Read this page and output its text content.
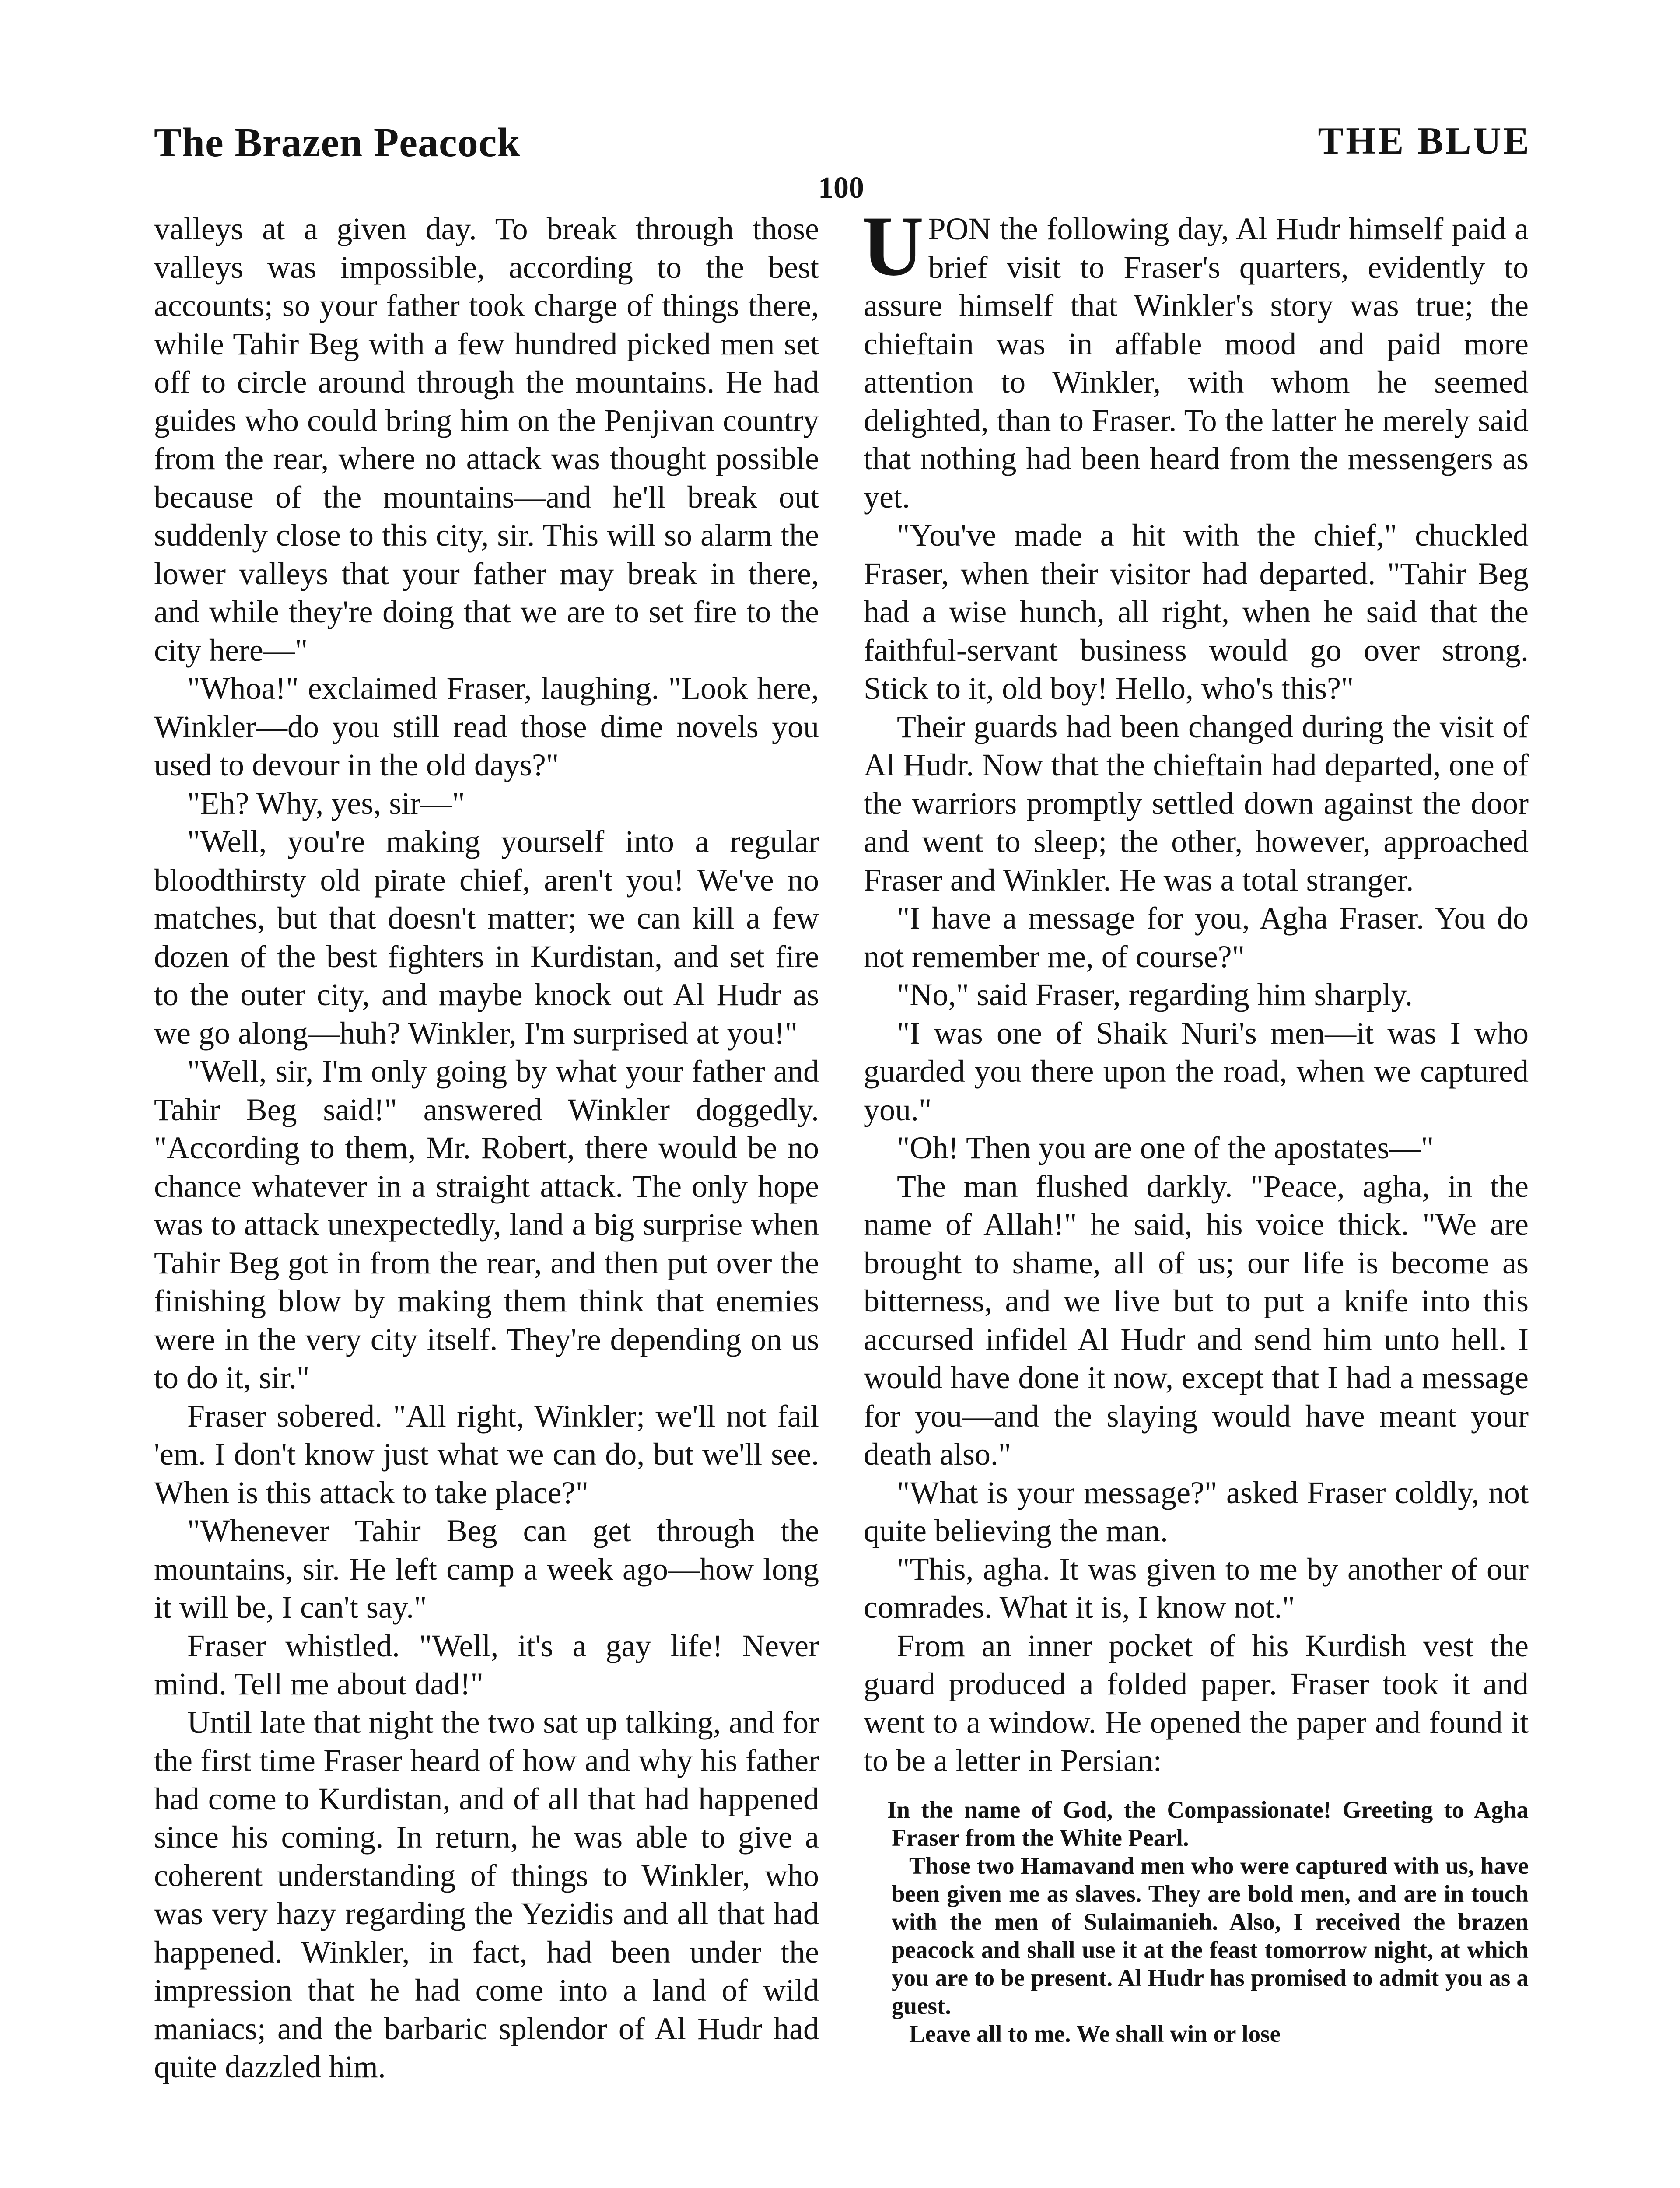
The Brazen Peacock	THE BLUE
100

valleys at a given day. To break through those valleys was impossible, according to the best accounts; so your father took charge of things there, while Tahir Beg with a few hundred picked men set off to circle around through the mountains. He had guides who could bring him on the Penjivan country from the rear, where no attack was thought possible because of the mountains—and he'll break out suddenly close to this city, sir. This will so alarm the lower valleys that your father may break in there, and while they're doing that we are to set fire to the city here—"

"Whoa!" exclaimed Fraser, laughing. "Look here, Winkler—do you still read those dime novels you used to devour in the old days?"

"Eh? Why, yes, sir—"

"Well, you're making yourself into a regular bloodthirsty old pirate chief, aren't you! We've no matches, but that doesn't matter; we can kill a few dozen of the best fighters in Kurdistan, and set fire to the outer city, and maybe knock out Al Hudr as we go along—huh? Winkler, I'm surprised at you!"

"Well, sir, I'm only going by what your father and Tahir Beg said!" answered Winkler doggedly. "According to them, Mr. Robert, there would be no chance whatever in a straight attack. The only hope was to attack unexpectedly, land a big surprise when Tahir Beg got in from the rear, and then put over the finishing blow by making them think that enemies were in the very city itself. They're depending on us to do it, sir."

Fraser sobered. "All right, Winkler; we'll not fail 'em. I don't know just what we can do, but we'll see. When is this attack to take place?"

"Whenever Tahir Beg can get through the mountains, sir. He left camp a week ago—how long it will be, I can't say."

Fraser whistled. "Well, it's a gay life! Never mind. Tell me about dad!"

Until late that night the two sat up talking, and for the first time Fraser heard of how and why his father had come to Kurdistan, and of all that had happened since his coming. In return, he was able to give a coherent understanding of things to Winkler, who was very hazy regarding the Yezidis and all that had happened. Winkler, in fact, had been under the impression that he had come into a land of wild maniacs; and the barbaric splendor of Al Hudr had quite dazzled him.

UPON the following day, Al Hudr himself paid a brief visit to Fraser's quarters, evidently to assure himself that Winkler's story was true; the chieftain was in affable mood and paid more attention to Winkler, with whom he seemed delighted, than to Fraser. To the latter he merely said that nothing had been heard from the messengers as yet.

"You've made a hit with the chief," chuckled Fraser, when their visitor had departed. "Tahir Beg had a wise hunch, all right, when he said that the faithful-servant business would go over strong. Stick to it, old boy! Hello, who's this?"

Their guards had been changed during the visit of Al Hudr. Now that the chieftain had departed, one of the warriors promptly settled down against the door and went to sleep; the other, however, approached Fraser and Winkler. He was a total stranger.

"I have a message for you, Agha Fraser. You do not remember me, of course?"

"No," said Fraser, regarding him sharply.

"I was one of Shaik Nuri's men—it was I who guarded you there upon the road, when we captured you."

"Oh! Then you are one of the apostates—"

The man flushed darkly. "Peace, agha, in the name of Allah!" he said, his voice thick. "We are brought to shame, all of us; our life is become as bitterness, and we live but to put a knife into this accursed infidel Al Hudr and send him unto hell. I would have done it now, except that I had a message for you—and the slaying would have meant your death also."

"What is your message?" asked Fraser coldly, not quite believing the man.

"This, agha. It was given to me by another of our comrades. What it is, I know not."

From an inner pocket of his Kurdish vest the guard produced a folded paper. Fraser took it and went to a window. He opened the paper and found it to be a letter in Persian:

In the name of God, the Compassionate! Greeting to Agha Fraser from the White Pearl.

Those two Hamavand men who were captured with us, have been given me as slaves. They are bold men, and are in touch with the men of Sulaimanieh. Also, I received the brazen peacock and shall use it at the feast tomorrow night, at which you are to be present. Al Hudr has promised to admit you as a guest.

Leave all to me. We shall win or lose
